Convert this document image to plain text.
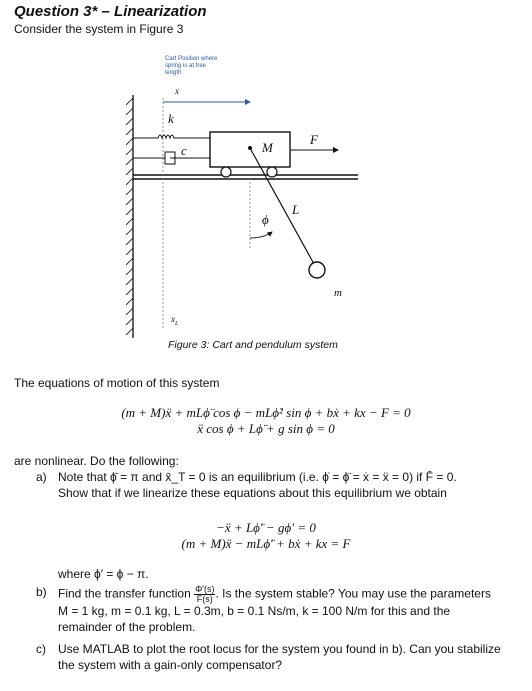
Question 3* – Linearization
Consider the system in Figure 3
Cart Position where
spring is at free
length
x
k
c	M
F
L
ϕ
m
$x_L$
Figure 3: Cart and pendulum system
The equations of motion of this system
(m + M)ẍ + mLϕ̈ cos ϕ − mLϕ̇² sin ϕ + bẋ + kx − F = 0
ẍ cos ϕ + Lϕ̈ + g sin ϕ = 0
are nonlinear. Do the following:
a) Note that ϕ̄ = π and x̄_T = 0 is an equilibrium (i.e. ϕ̇ = ϕ̈ = ẋ = ẍ = 0) if F̄ = 0.
Show that if we linearize these equations about this equilibrium we obtain
−ẍ + Lϕ̈′ − gϕ′ = 0
(m + M)ẍ − mLϕ̈′ + bẋ + kx = F
where ϕ′ = ϕ − π.
b) Find the transfer function $\frac{\Phi'(s)}{F(s)}$ . Is the system stable? You may use the parameters
M = 1 kg, m = 0.1 kg, L = 0.3m, b = 0.1 Ns/m, k = 100 N/m for this and the
remainder of the problem.
c) Use MATLAB to plot the root locus for the system you found in b). Can you stabilize
the system with a gain-only compensator?
